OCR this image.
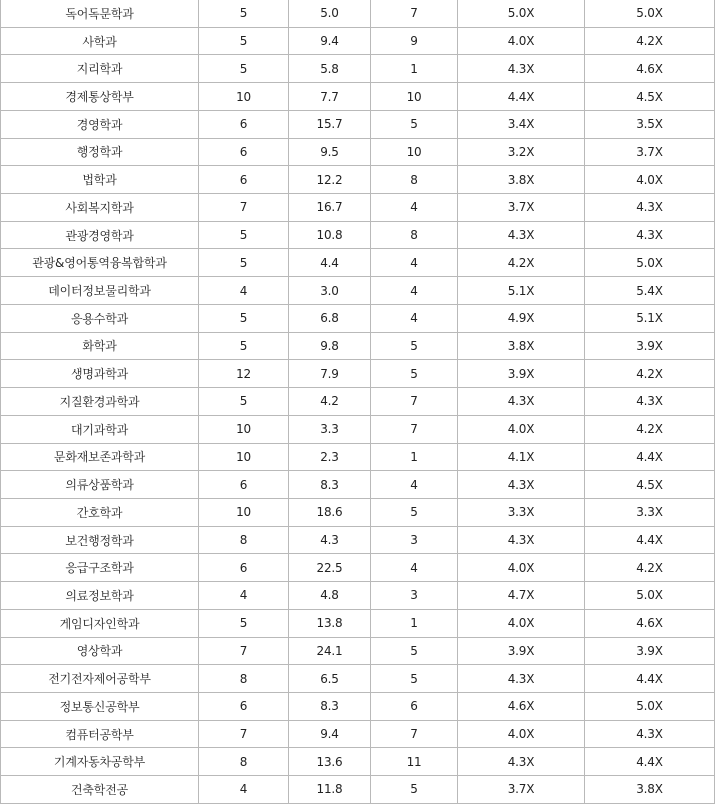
독어독문학과	5	5.0	7	5.0X	5.0X
사학과	5	9.4	9	4.0X	4.2X
지리학과	5	5.8	1	4.3X	4.6X
경제통상학부	10	7.7	10	4.4X	4.5X
경영학과	6	15.7	5	3.4X	3.5X
행정학과	6	9.5	10	3.2X	3.7X
법학과	6	12.2	8	3.8X	4.0X
사회복지학과	7	16.7	4	3.7X	4.3X
관광경영학과	5	10.8	8	4.3X	4.3X
관광&영어통역융복합학과	5	4.4	4	4.2X	5.0X
데이터정보물리학과	4	3.0	4	5.1X	5.4X
응용수학과	5	6.8	4	4.9X	5.1X
화학과	5	9.8	5	3.8X	3.9X
생명과학과	12	7.9	5	3.9X	4.2X
지질환경과학과	5	4.2	7	4.3X	4.3X
대기과학과	10	3.3	7	4.0X	4.2X
문화재보존과학과	10	2.3	1	4.1X	4.4X
의류상품학과	6	8.3	4	4.3X	4.5X
간호학과	10	18.6	5	3.3X	3.3X
보건행정학과	8	4.3	3	4.3X	4.4X
응급구조학과	6	22.5	4	4.0X	4.2X
의료정보학과	4	4.8	3	4.7X	5.0X
게임디자인학과	5	13.8	1	4.0X	4.6X
영상학과	7	24.1	5	3.9X	3.9X
전기전자제어공학부	8	6.5	5	4.3X	4.4X
정보통신공학부	6	8.3	6	4.6X	5.0X
컴퓨터공학부	7	9.4	7	4.0X	4.3X
기계자동차공학부	8	13.6	11	4.3X	4.4X
건축학전공	4	11.8	5	3.7X	3.8X
